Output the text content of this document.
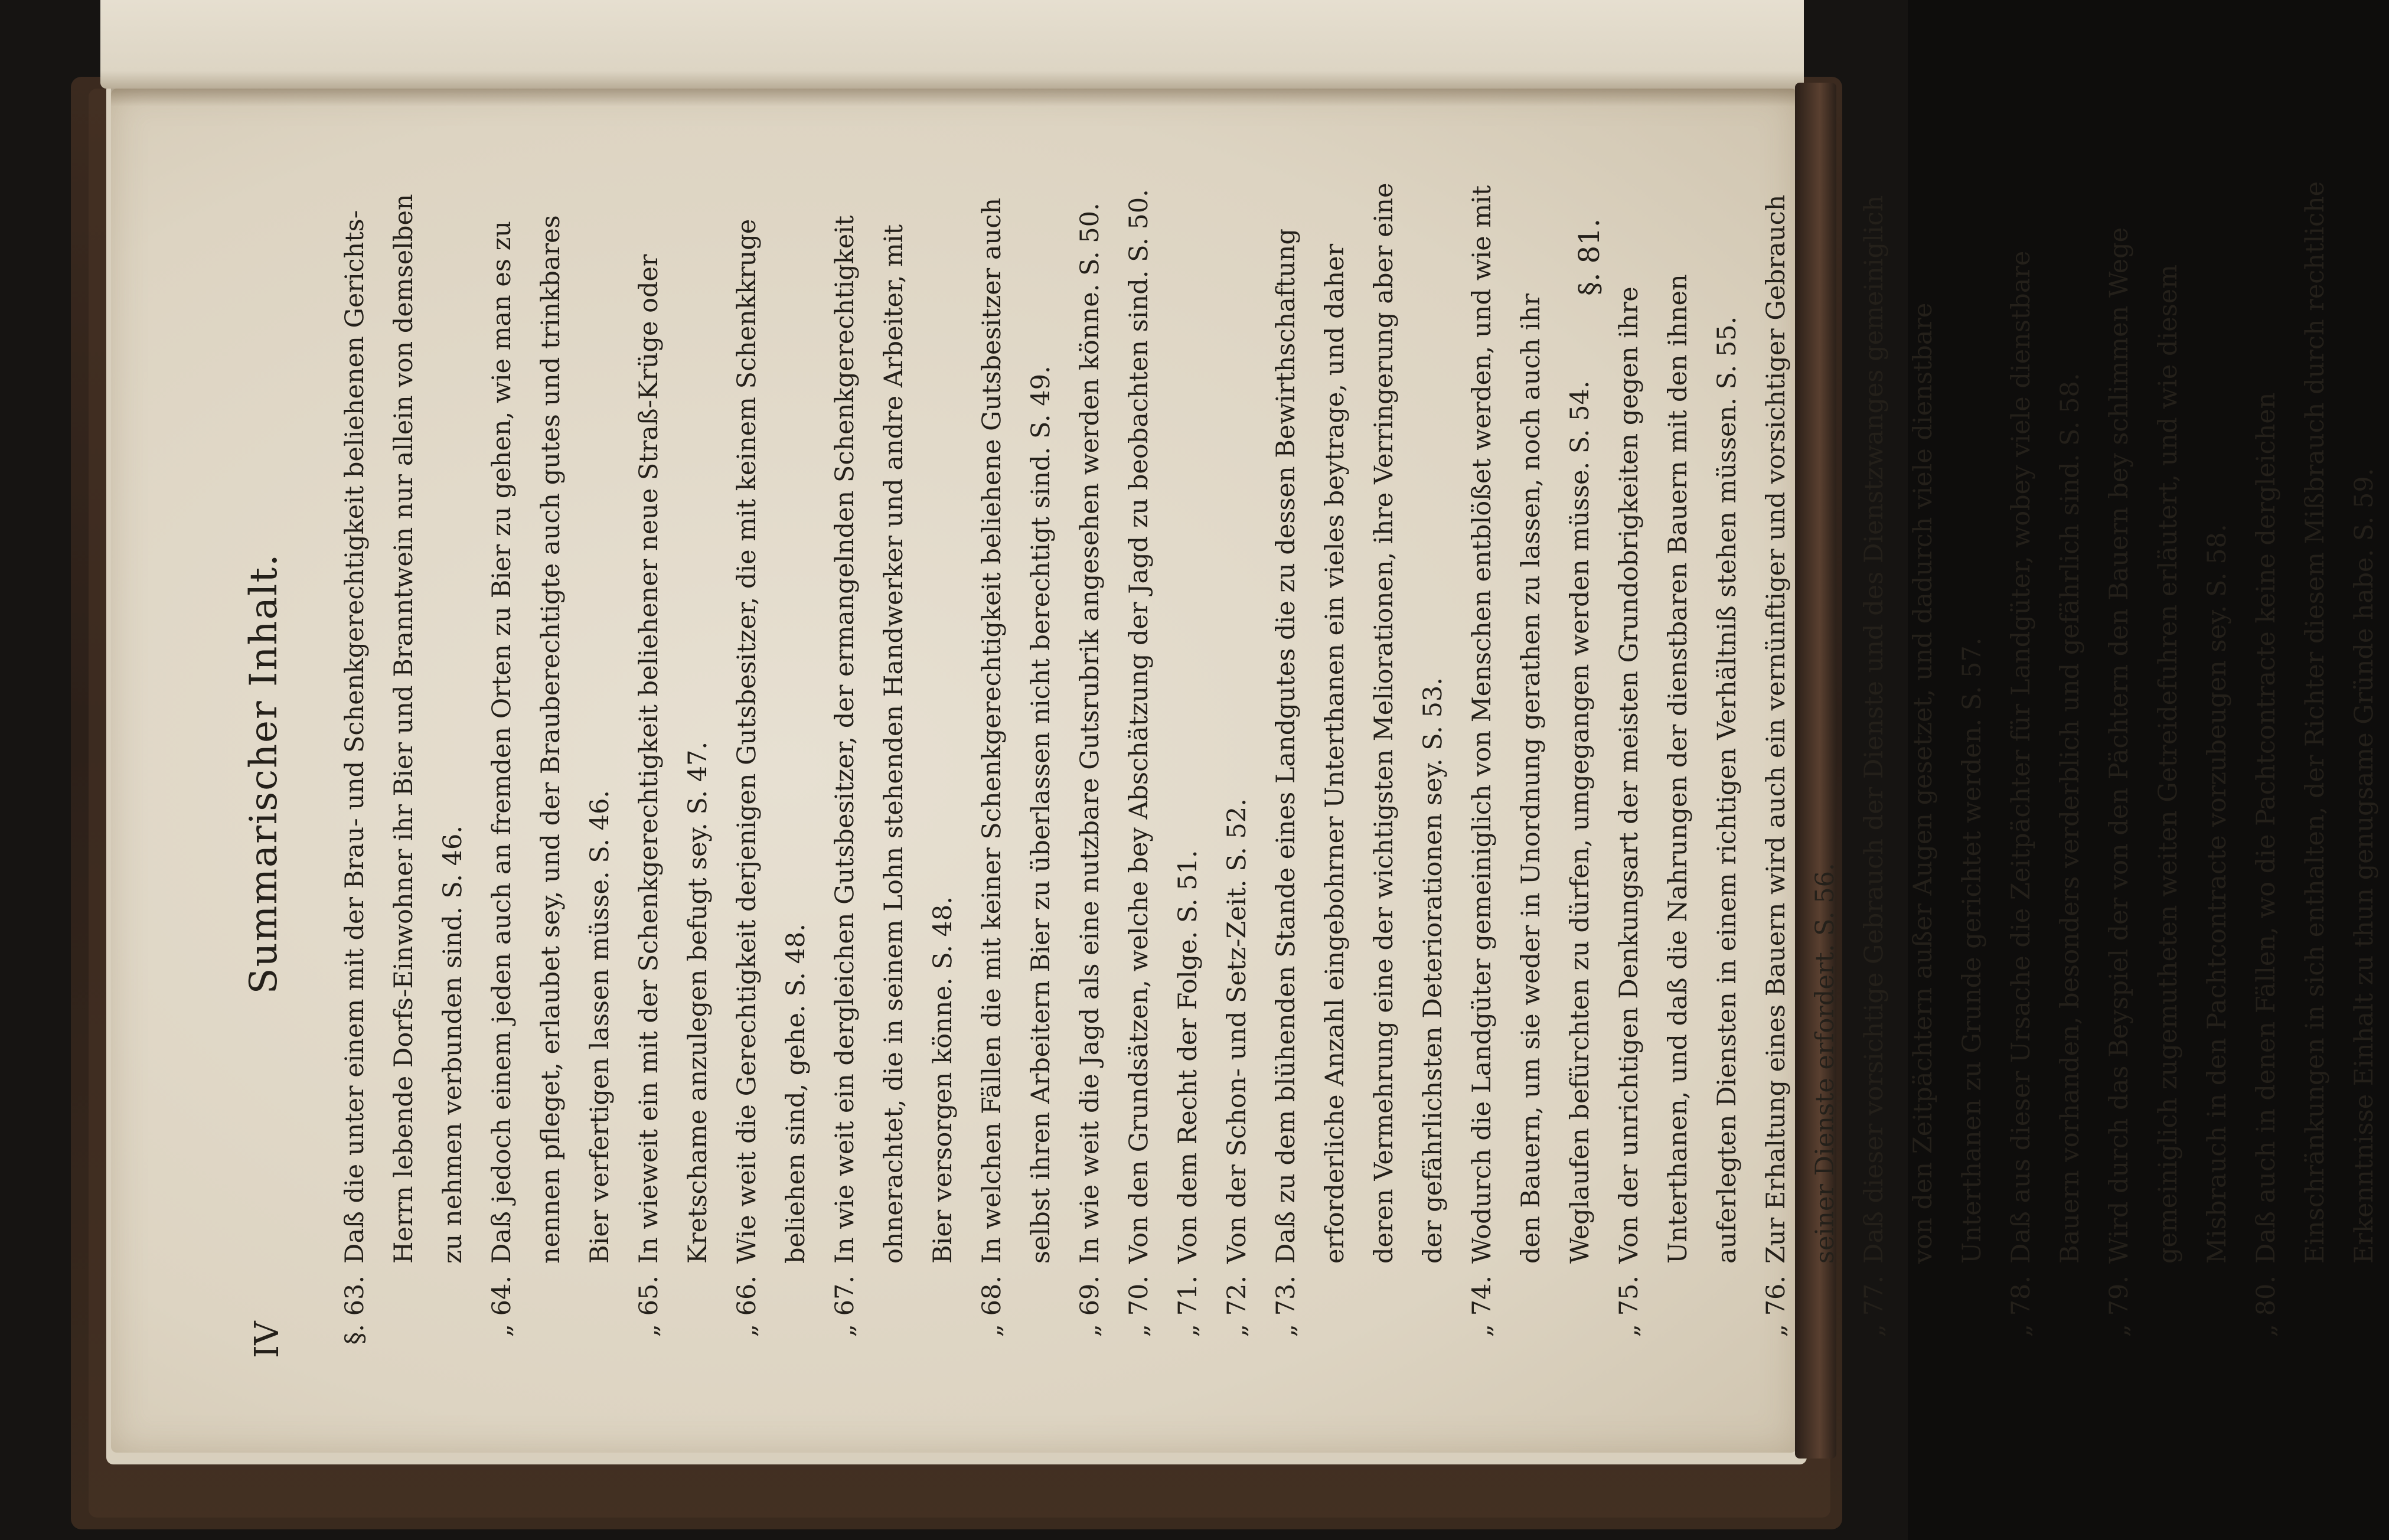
IV
Summarischer Inhalt.
§. 63.
Daß die unter einem mit der Brau- und Schenkgerechtigkeit beliehenen Gerichts-Herrn lebende Dorfs-Einwohner ihr Bier und Branntwein nur allein von demselben zu nehmen verbunden sind. S. 46.
„ 64.
Daß jedoch einem jeden auch an fremden Orten zu Bier zu gehen, wie man es zu nennen pfleget, erlaubet sey, und der Brauberechtigte auch gutes und trinkbares Bier verfertigen lassen müsse. S. 46.
„ 65.
In wieweit ein mit der Schenkgerechtigkeit beliehener neue Straß-Krüge oder Kretschame anzulegen befugt sey. S. 47.
„ 66.
Wie weit die Gerechtigkeit derjenigen Gutsbesitzer, die mit keinem Schenkkruge beliehen sind, gehe. S. 48.
„ 67.
In wie weit ein dergleichen Gutsbesitzer, der ermangelnden Schenkgerechtigkeit ohnerachtet, die in seinem Lohn stehenden Handwerker und andre Arbeiter, mit Bier versorgen könne. S. 48.
„ 68.
In welchen Fällen die mit keiner Schenkgerechtigkeit beliehene Gutsbesitzer auch selbst ihren Arbeitern Bier zu überlassen nicht berechtigt sind. S. 49.
„ 69.
In wie weit die Jagd als eine nutzbare Gutsrubrik angesehen werden könne. S. 50.
„ 70.
Von den Grundsätzen, welche bey Abschätzung der Jagd zu beobachten sind. S. 50.
„ 71.
Von dem Recht der Folge. S. 51.
„ 72.
Von der Schon- und Setz-Zeit. S. 52.
„ 73.
Daß zu dem blühenden Stande eines Landgutes die zu dessen Bewirthschaftung erforderliche Anzahl eingebohrner Unterthanen ein vieles beytrage, und daher deren Vermehrung eine der wichtigsten Meliorationen, ihre Verringerung aber eine der gefährlichsten Deteriorationen sey. S. 53.
„ 74.
Wodurch die Landgüter gemeiniglich von Menschen entblößet werden, und wie mit den Bauern, um sie weder in Unordnung gerathen zu lassen, noch auch ihr Weglaufen befürchten zu dürfen, umgegangen werden müsse. S. 54.
„ 75.
Von der unrichtigen Denkungsart der meisten Grundobrigkeiten gegen ihre Unterthanen, und daß die Nahrungen der dienstbaren Bauern mit den ihnen auferlegten Diensten in einem richtigen Verhältniß stehen müssen. S. 55.
„ 76.
Zur Erhaltung eines Bauern wird auch ein vernünftiger und vorsichtiger Gebrauch seiner Dienste erfordert. S. 56.
„ 77.
Daß dieser vorsichtige Gebrauch der Dienste und des Dienstzwanges gemeiniglich von den Zeitpächtern außer Augen gesetzet, und dadurch viele dienstbare Unterthanen zu Grunde gerichtet werden. S. 57.
„ 78.
Daß aus dieser Ursache die Zeitpächter für Landgüter, wobey viele dienstbare Bauern vorhanden, besonders verderblich und gefährlich sind. S. 58.
„ 79.
Wird durch das Beyspiel der von den Pächtern den Bauern bey schlimmen Wege gemeiniglich zugemutheten weiten Getreidefuhren erläutert, und wie diesem Misbrauch in den Pachtcontracte vorzubeugen sey. S. 58.
„ 80.
Daß auch in denen Fällen, wo die Pachtcontracte keine dergleichen Einschränkungen in sich enthalten, der Richter diesem Mißbrauch durch rechtliche Erkenntnisse Einhalt zu thun genugsame Gründe habe. S. 59.
§. 81.
